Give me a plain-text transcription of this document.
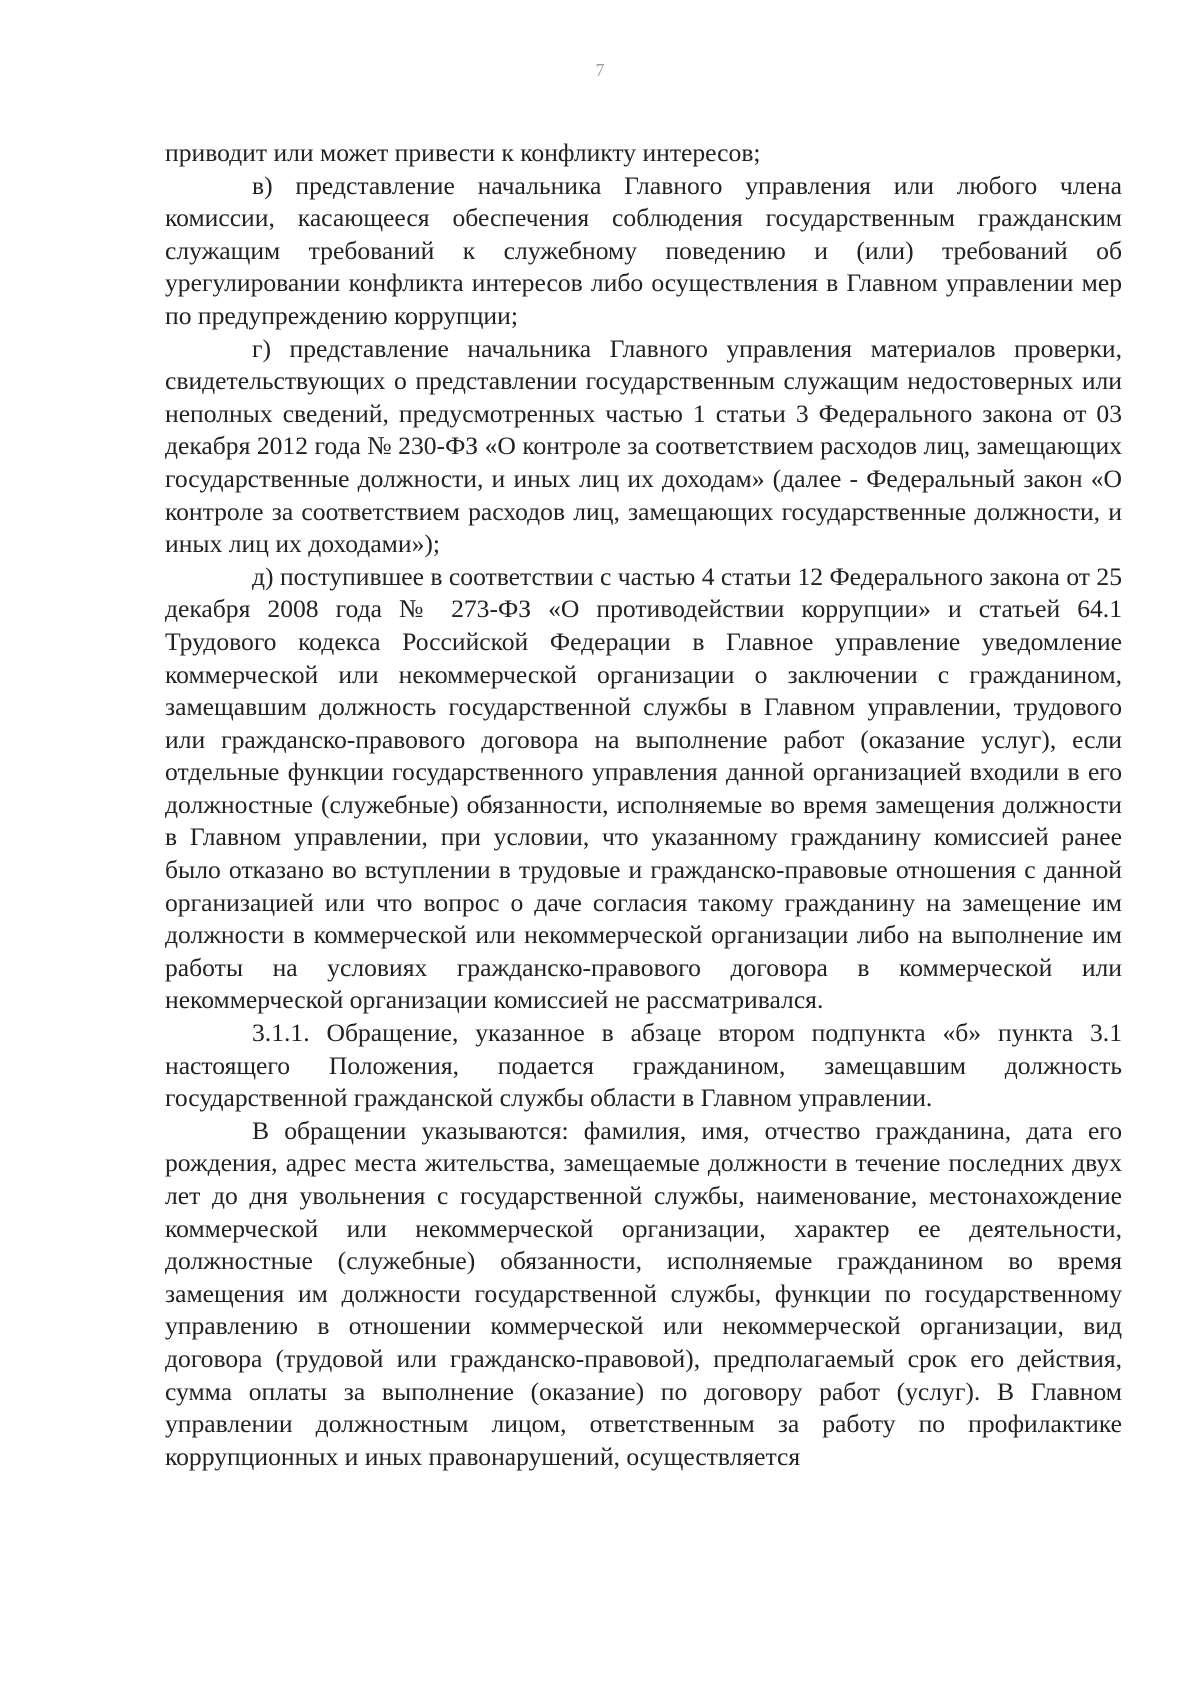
7

приводит или может привести к конфликту интересов;

в) представление начальника Главного управления или любого члена комиссии, касающееся обеспечения соблюдения государственным гражданским служащим требований к служебному поведению и (или) требований об урегулировании конфликта интересов либо осуществления в Главном управлении мер по предупреждению коррупции;

г) представление начальника Главного управления материалов проверки, свидетельствующих о представлении государственным служащим недостоверных или неполных сведений, предусмотренных частью 1 статьи 3 Федерального закона от 03 декабря 2012 года № 230-ФЗ «О контроле за соответствием расходов лиц, замещающих государственные должности, и иных лиц их доходам» (далее - Федеральный закон «О контроле за соответствием расходов лиц, замещающих государственные должности, и иных лиц их доходами»);

д) поступившее в соответствии с частью 4 статьи 12 Федерального закона от 25 декабря 2008 года № 273-ФЗ «О противодействии коррупции» и статьей 64.1 Трудового кодекса Российской Федерации в Главное управление уведомление коммерческой или некоммерческой организации о заключении с гражданином, замещавшим должность государственной службы в Главном управлении, трудового или гражданско-правового договора на выполнение работ (оказание услуг), если отдельные функции государственного управления данной организацией входили в его должностные (служебные) обязанности, исполняемые во время замещения должности в Главном управлении, при условии, что указанному гражданину комиссией ранее было отказано во вступлении в трудовые и гражданско-правовые отношения с данной организацией или что вопрос о даче согласия такому гражданину на замещение им должности в коммерческой или некоммерческой организации либо на выполнение им работы на условиях гражданско-правового договора в коммерческой или некоммерческой организации комиссией не рассматривался.

3.1.1. Обращение, указанное в абзаце втором подпункта «б» пункта 3.1 настоящего Положения, подается гражданином, замещавшим должность государственной гражданской службы области в Главном управлении.

В обращении указываются: фамилия, имя, отчество гражданина, дата его рождения, адрес места жительства, замещаемые должности в течение последних двух лет до дня увольнения с государственной службы, наименование, местонахождение коммерческой или некоммерческой организации, характер ее деятельности, должностные (служебные) обязанности, исполняемые гражданином во время замещения им должности государственной службы, функции по государственному управлению в отношении коммерческой или некоммерческой организации, вид договора (трудовой или гражданско-правовой), предполагаемый срок его действия, сумма оплаты за выполнение (оказание) по договору работ (услуг). В Главном управлении должностным лицом, ответственным за работу по профилактике коррупционных и иных правонарушений, осуществляется
